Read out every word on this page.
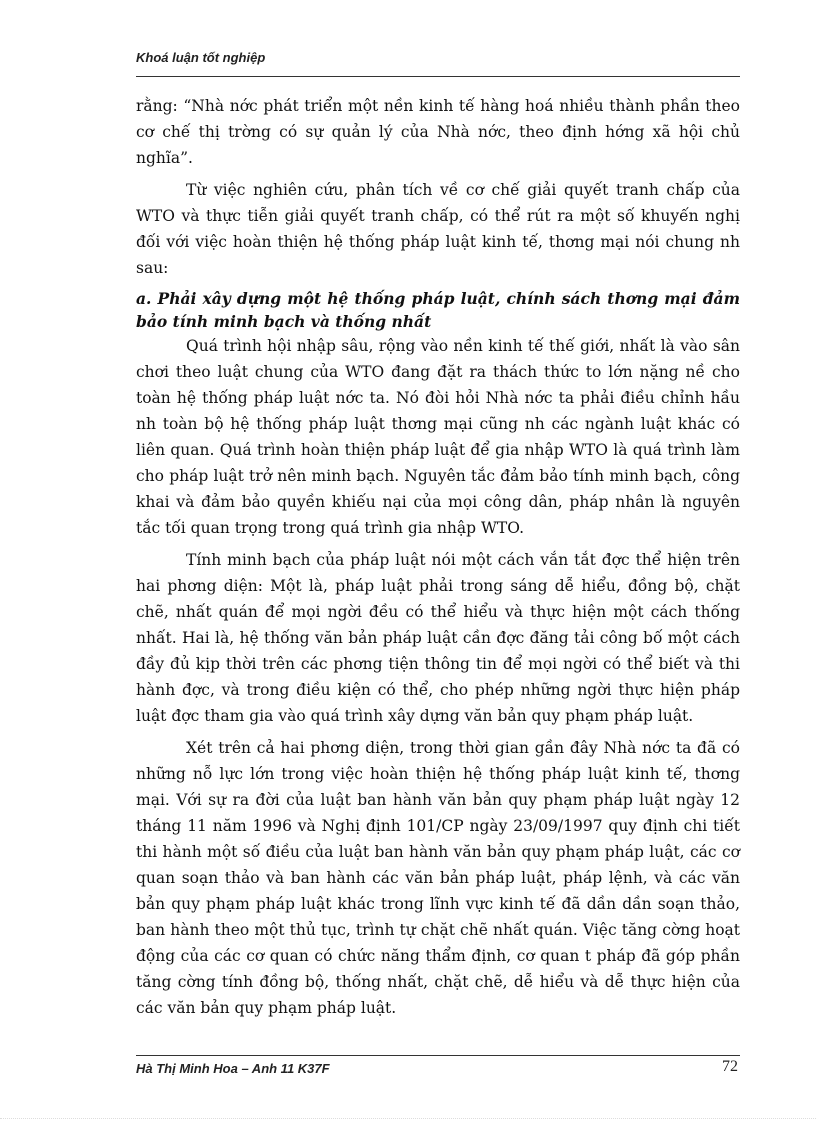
Khoá luận tốt nghiệp

rằng: “Nhà nớc phát triển một nền kinh tế hàng hoá nhiều thành phần theo cơ chế thị trờng có sự quản lý của Nhà nớc, theo định hớng xã hội chủ nghĩa”.

Từ việc nghiên cứu, phân tích về cơ chế giải quyết tranh chấp của WTO và thực tiễn giải quyết tranh chấp, có thể rút ra một số khuyến nghị đối với việc hoàn thiện hệ thống pháp luật kinh tế, thơng mại nói chung nh sau:

a. Phải xây dựng một hệ thống pháp luật, chính sách thơng mại đảm bảo tính minh bạch và thống nhất

Quá trình hội nhập sâu, rộng vào nền kinh tế thế giới, nhất là vào sân chơi theo luật chung của WTO đang đặt ra thách thức to lớn nặng nề cho toàn hệ thống pháp luật nớc ta. Nó đòi hỏi Nhà nớc ta phải điều chỉnh hầu nh toàn bộ hệ thống pháp luật thơng mại cũng nh các ngành luật khác có liên quan. Quá trình hoàn thiện pháp luật để gia nhập WTO là quá trình làm cho pháp luật trở nên minh bạch. Nguyên tắc đảm bảo tính minh bạch, công khai và đảm bảo quyền khiếu nại của mọi công dân, pháp nhân là nguyên tắc tối quan trọng trong quá trình gia nhập WTO.

Tính minh bạch của pháp luật nói một cách vắn tắt đợc thể hiện trên hai phơng diện: Một là, pháp luật phải trong sáng dễ hiểu, đồng bộ, chặt chẽ, nhất quán để mọi ngời đều có thể hiểu và thực hiện một cách thống nhất. Hai là, hệ thống văn bản pháp luật cần đợc đăng tải công bố một cách đầy đủ kịp thời trên các phơng tiện thông tin để mọi ngời có thể biết và thi hành đợc, và trong điều kiện có thể, cho phép những ngời thực hiện pháp luật đợc tham gia vào quá trình xây dựng văn bản quy phạm pháp luật.

Xét trên cả hai phơng diện, trong thời gian gần đây Nhà nớc ta đã có những nỗ lực lớn trong việc hoàn thiện hệ thống pháp luật kinh tế, thơng mại. Với sự ra đời của luật ban hành văn bản quy phạm pháp luật ngày 12 tháng 11 năm 1996 và Nghị định 101/CP ngày 23/09/1997 quy định chi tiết thi hành một số điều của luật ban hành văn bản quy phạm pháp luật, các cơ quan soạn thảo và ban hành các văn bản pháp luật, pháp lệnh, và các văn bản quy phạm pháp luật khác trong lĩnh vực kinh tế đã dần dần soạn thảo, ban hành theo một thủ tục, trình tự chặt chẽ nhất quán. Việc tăng cờng hoạt động của các cơ quan có chức năng thẩm định, cơ quan t pháp đã góp phần tăng cờng tính đồng bộ, thống nhất, chặt chẽ, dễ hiểu và dễ thực hiện của các văn bản quy phạm pháp luật.

Hà Thị Minh Hoa – Anh 11 K37F	72
